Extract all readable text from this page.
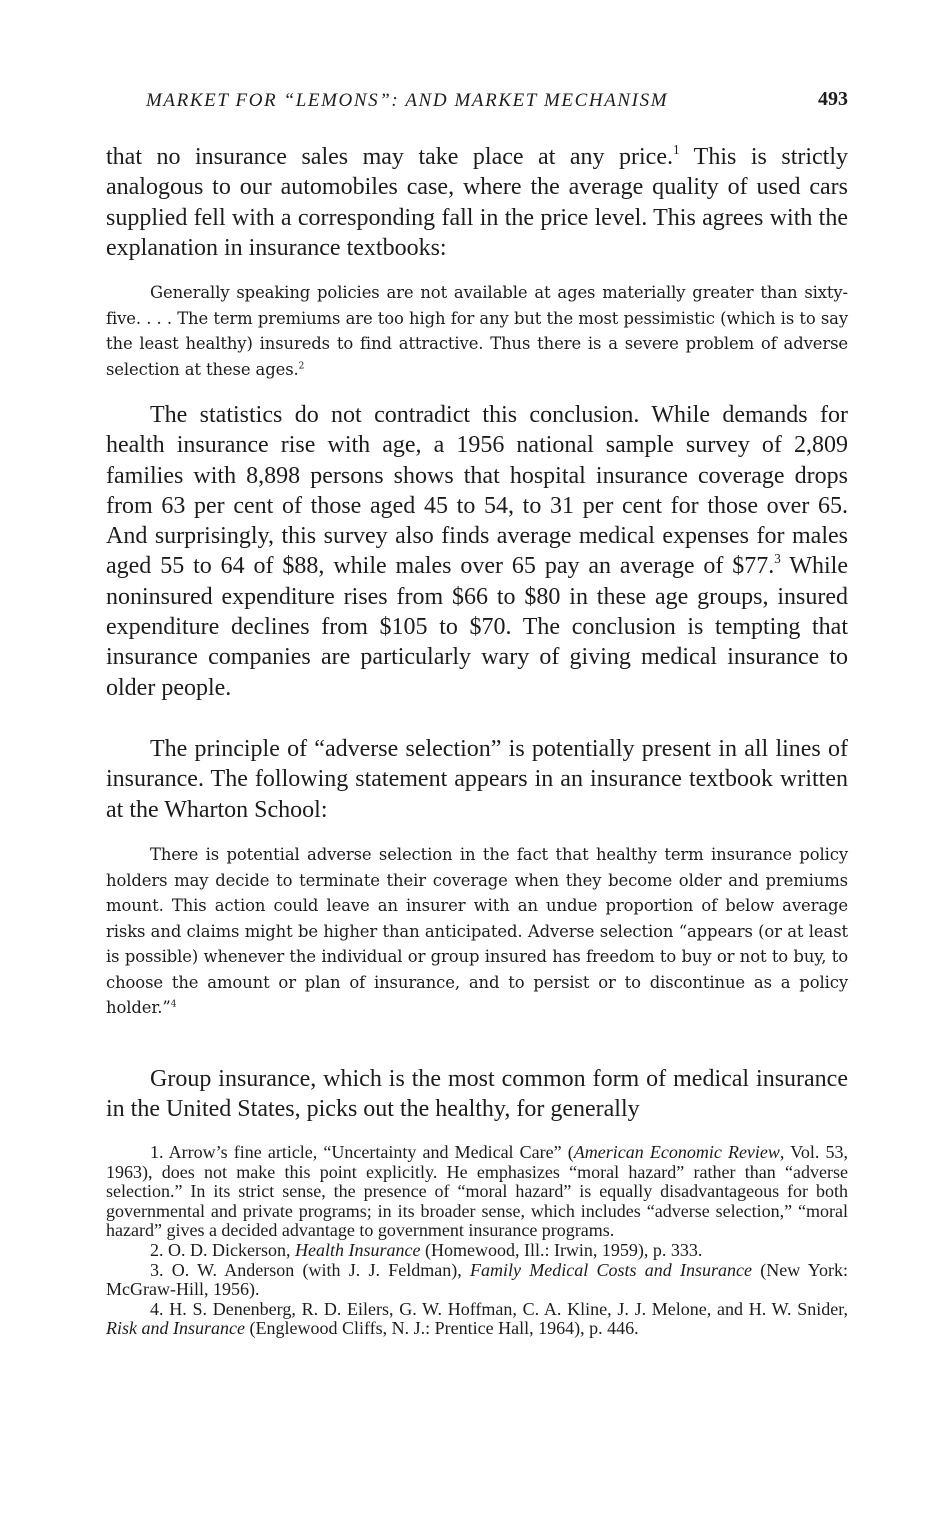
MARKET FOR “LEMONS”: AND MARKET MECHANISM	493

that no insurance sales may take place at any price.$^1$ This is strictly analogous to our automobiles case, where the average quality of used cars supplied fell with a corresponding fall in the price level. This agrees with the explanation in insurance textbooks:

Generally speaking policies are not available at ages materially greater than sixty-five. . . . The term premiums are too high for any but the most pessimistic (which is to say the least healthy) insureds to find attractive. Thus there is a severe problem of adverse selection at these ages.$^2$

The statistics do not contradict this conclusion. While demands for health insurance rise with age, a 1956 national sample survey of 2,809 families with 8,898 persons shows that hospital insurance coverage drops from 63 per cent of those aged 45 to 54, to 31 per cent for those over 65. And surprisingly, this survey also finds average medical expenses for males aged 55 to 64 of $88, while males over 65 pay an average of $77.$^3$ While noninsured expenditure rises from $66 to $80 in these age groups, insured expenditure declines from $105 to $70. The conclusion is tempting that insurance companies are particularly wary of giving medical insurance to older people.

The principle of “adverse selection” is potentially present in all lines of insurance. The following statement appears in an insurance textbook written at the Wharton School:

There is potential adverse selection in the fact that healthy term insurance policy holders may decide to terminate their coverage when they become older and premiums mount. This action could leave an insurer with an undue proportion of below average risks and claims might be higher than anticipated. Adverse selection “appears (or at least is possible) whenever the individual or group insured has freedom to buy or not to buy, to choose the amount or plan of insurance, and to persist or to discontinue as a policy holder.”$^4$

Group insurance, which is the most common form of medical insurance in the United States, picks out the healthy, for generally

1. Arrow’s fine article, “Uncertainty and Medical Care” (American Economic Review, Vol. 53, 1963), does not make this point explicitly. He emphasizes “moral hazard” rather than “adverse selection.” In its strict sense, the presence of “moral hazard” is equally disadvantageous for both governmental and private programs; in its broader sense, which includes “adverse selection,” “moral hazard” gives a decided advantage to government insurance programs.

2. O. D. Dickerson, Health Insurance (Homewood, Ill.: Irwin, 1959), p. 333.

3. O. W. Anderson (with J. J. Feldman), Family Medical Costs and Insurance (New York: McGraw-Hill, 1956).

4. H. S. Denenberg, R. D. Eilers, G. W. Hoffman, C. A. Kline, J. J. Melone, and H. W. Snider, Risk and Insurance (Englewood Cliffs, N. J.: Prentice Hall, 1964), p. 446.
